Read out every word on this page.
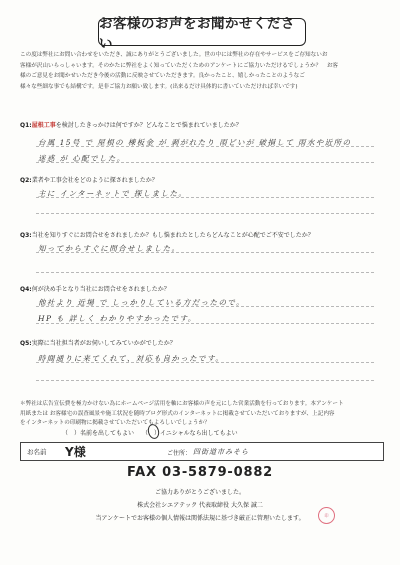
お客様のお声をお聞かせください
この度は弊社にお問い合わせをいただき、誠にありがとうございました。世の中には弊社の存在やサービスをご存知ないお
客様が沢山いらっしゃいます。そのかたに弊社をよく知っていただくためのアンケートにご協力いただけるでしょうか？　お客
様のご意見をお聞かせいただき今後の活動に反映させていただきます。良かったこと、嬉しかったことのようなご
様々な些細な事でも結構です。是非ご協力お願い致します。(出来るだけ具体的に書いていただければ幸いです)
Q1:屋根工事を検討したきっかけは何ですか？どんなことで悩まれていましたか？
台風 15号 で 屋根の 棟板金 が 剥がれたり 雨どいが 破損して 雨水や近所の
迷惑 が 心配でした。
Q2:業者や工事会社をどのように探されましたか？
主に インターネットで 探しました。
Q3:当社を知りすぐにお問合せをされましたか？もし悩まれたとしたらどんなことが心配でご不安でしたか？
知ってからすぐに問合せしました。
Q4:何が決め手となり当社にお問合せをされましたか？
他社より 近場 で しっかりしている方だったので。
HP も 詳しく わかりやすかったです。
Q5:実際に当社担当者がお伺いしてみていかがでしたか？
時間通りに来てくれて、対応も良かったです。
＊弊社は広告宣伝費を極力かけない為にホームページ活用を軸にお客様の声を元にした営業活動を行っております。本アンケート
用紙または お客様宅の誤査風景や施工状況を随時ブログ形式のインターネットに掲載させていただいておりますが、上記内容
をインターネットの印刷物に掲載させていただいてもよろしいでしょうか？
（　）名前を出してもよい （　）イニシャルなら出してもよい
お名前 Y様	ご住所： 四街道市みそら
FAX 03-5879-0882
ご協力ありがとうございました。
株式会社シエアテック 代表取締役 大久保 誠二
当アンケートでお客様の個人情報は関係法規に基づき厳正に管理いたします。	印
